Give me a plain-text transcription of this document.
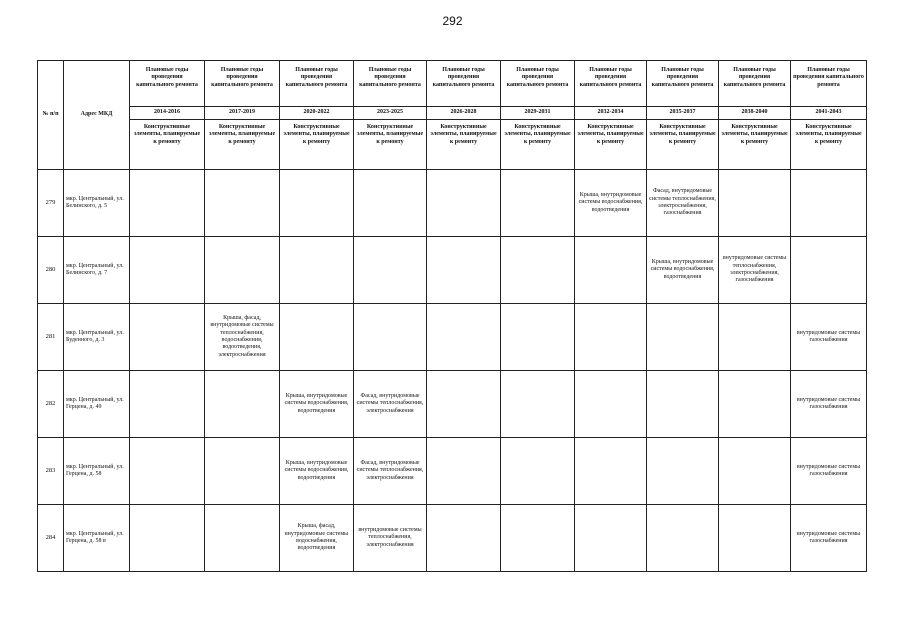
292
№ п/п	Адрес МКД	Плановые годы проведения капитального ремонта	Плановые годы проведения капитального ремонта	Плановые годы проведения капитального ремонта	Плановые годы проведения капитального ремонта	Плановые годы проведения капитального ремонта	Плановые годы проведения капитального ремонта	Плановые годы проведения капитального ремонта	Плановые годы проведения капитального ремонта	Плановые годы проведения капитального ремонта	Плановые годы проведения капитального ремонта
		2014-2016	2017-2019	2020-2022	2023-2025	2026-2028	2029-2031	2032-2034	2035-2037	2038-2040	2041-2043
		Конструктивные элементы, планируемые к ремонту	Конструктивные элементы, планируемые к ремонту	Конструктивные элементы, планируемые к ремонту	Конструктивные элементы, планируемые к ремонту	Конструктивные элементы, планируемые к ремонту	Конструктивные элементы, планируемые к ремонту	Конструктивные элементы, планируемые к ремонту	Конструктивные элементы, планируемые к ремонту	Конструктивные элементы, планируемые к ремонту	Конструктивные элементы, планируемые к ремонту
279	мкр. Центральный, ул. Белинского, д. 5							Крыша, внутридомовые системы водоснабжения, водоотведения	Фасад, внутридомовые системы теплоснабжения, электроснабжения, газоснабжения		
280	мкр. Центральный, ул. Белинского, д. 7								Крыша, внутридомовые системы водоснабжения, водоотведения	внутридомовые системы теплоснабжения, электроснабжения, газоснабжения	
281	мкр. Центральный, ул. Буденного, д. 3		Крыша, фасад, внутридомовые системы теплоснабжения, водоснабжения, водоотведения, электроснабжения								внутридомовые системы газоснабжения
282	мкр. Центральный, ул. Герцена, д. 49			Крыша, внутридомовые системы водоснабжения, водоотведения	Фасад, внутридомовые системы теплоснабжения, электроснабжения						внутридомовые системы газоснабжения
283	мкр. Центральный, ул. Герцена, д. 58			Крыша, внутридомовые системы водоснабжения, водоотведения	Фасад, внутридомовые системы теплоснабжения, электроснабжения						внутридомовые системы газоснабжения
284	мкр. Центральный, ул. Герцена, д. 58 в			Крыша, фасад, внутридомовые системы водоснабжения, водоотведения	внутридомовые системы теплоснабжения, электроснабжения						внутридомовые системы газоснабжения
